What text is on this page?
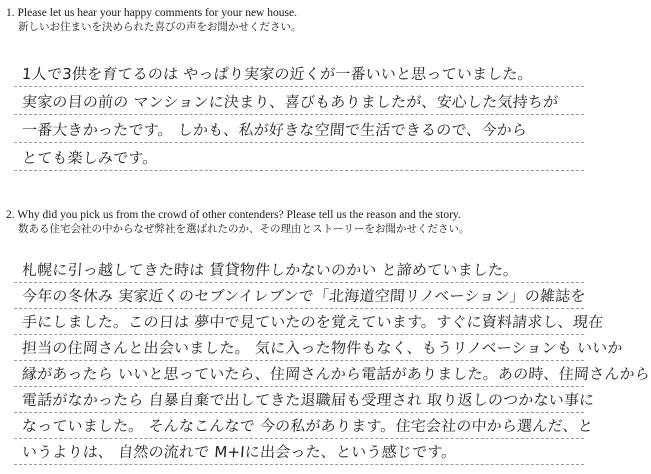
1. Please let us hear your happy comments for your new house.
新しいお住まいを決められた喜びの声をお聞かせください。
1人で3供を育てるのは やっぱり実家の近くが一番いいと思っていました。
実家の目の前の マンションに決まり、喜びもありましたが、安心した気持ちが
一番大きかったです。 しかも、私が好きな空間で生活できるので、今から
とても楽しみです。
2. Why did you pick us from the crowd of other contenders? Please tell us the reason and the story.
数ある住宅会社の中からなぜ弊社を選ばれたのか、その理由とストーリーをお聞かせください。
札幌に引っ越してきた時は 賃貸物件しかないのかい と諦めていました。
今年の冬休み 実家近くのセブンイレブンで「北海道空間リノベーション」の雑誌を
手にしました。この日は 夢中で見ていたのを覚えています。すぐに資料請求し、現在
担当の住岡さんと出会いました。 気に入った物件もなく、もうリノベーションも いいか
縁があったら いいと思っていたら、住岡さんから電話がありました。あの時、住岡さんから
電話がなかったら 自暴自棄で出してきた退職届も受理され 取り返しのつかない事に
なっていました。 そんなこんなで 今の私があります。住宅会社の中から選んだ、と
いうよりは、 自然の流れで M+Iに出会った、という感じです。
